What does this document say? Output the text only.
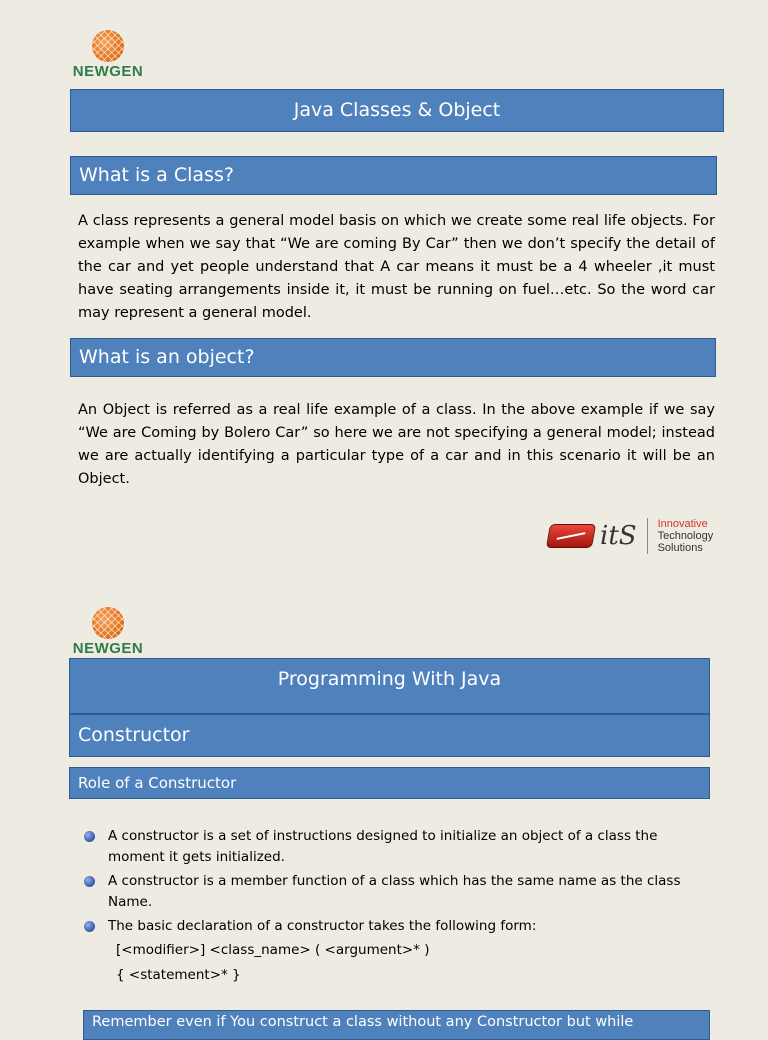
NEWGEN
Java Classes & Object
What is a Class?
A class represents a general model basis on which we create some real life objects. For example when we say that “We are coming By Car” then we don’t specify the detail of the car and yet people understand that A car means it must be a 4 wheeler ,it must have seating arrangements inside it, it must be running on fuel…etc. So the word car may represent a general model.
What is an object?
An Object is referred as a real life example of a class. In the above example if we say “We are Coming by Bolero Car” so here we are not specifying a general model; instead we are actually identifying a particular type of a car and in this scenario it will be an Object.
itS Innovative
Technology
Solutions
NEWGEN
Programming With Java
Constructor
Role of a Constructor
A constructor is a set of instructions designed to initialize an object of a class the moment it gets initialized.
A constructor is a member function of a class which has the same name as the class Name.
The basic declaration of a constructor takes the following form:
[<modifier>] <class_name> ( <argument>* )
{ <statement>* }
Remember even if You construct a class without any Constructor but while
